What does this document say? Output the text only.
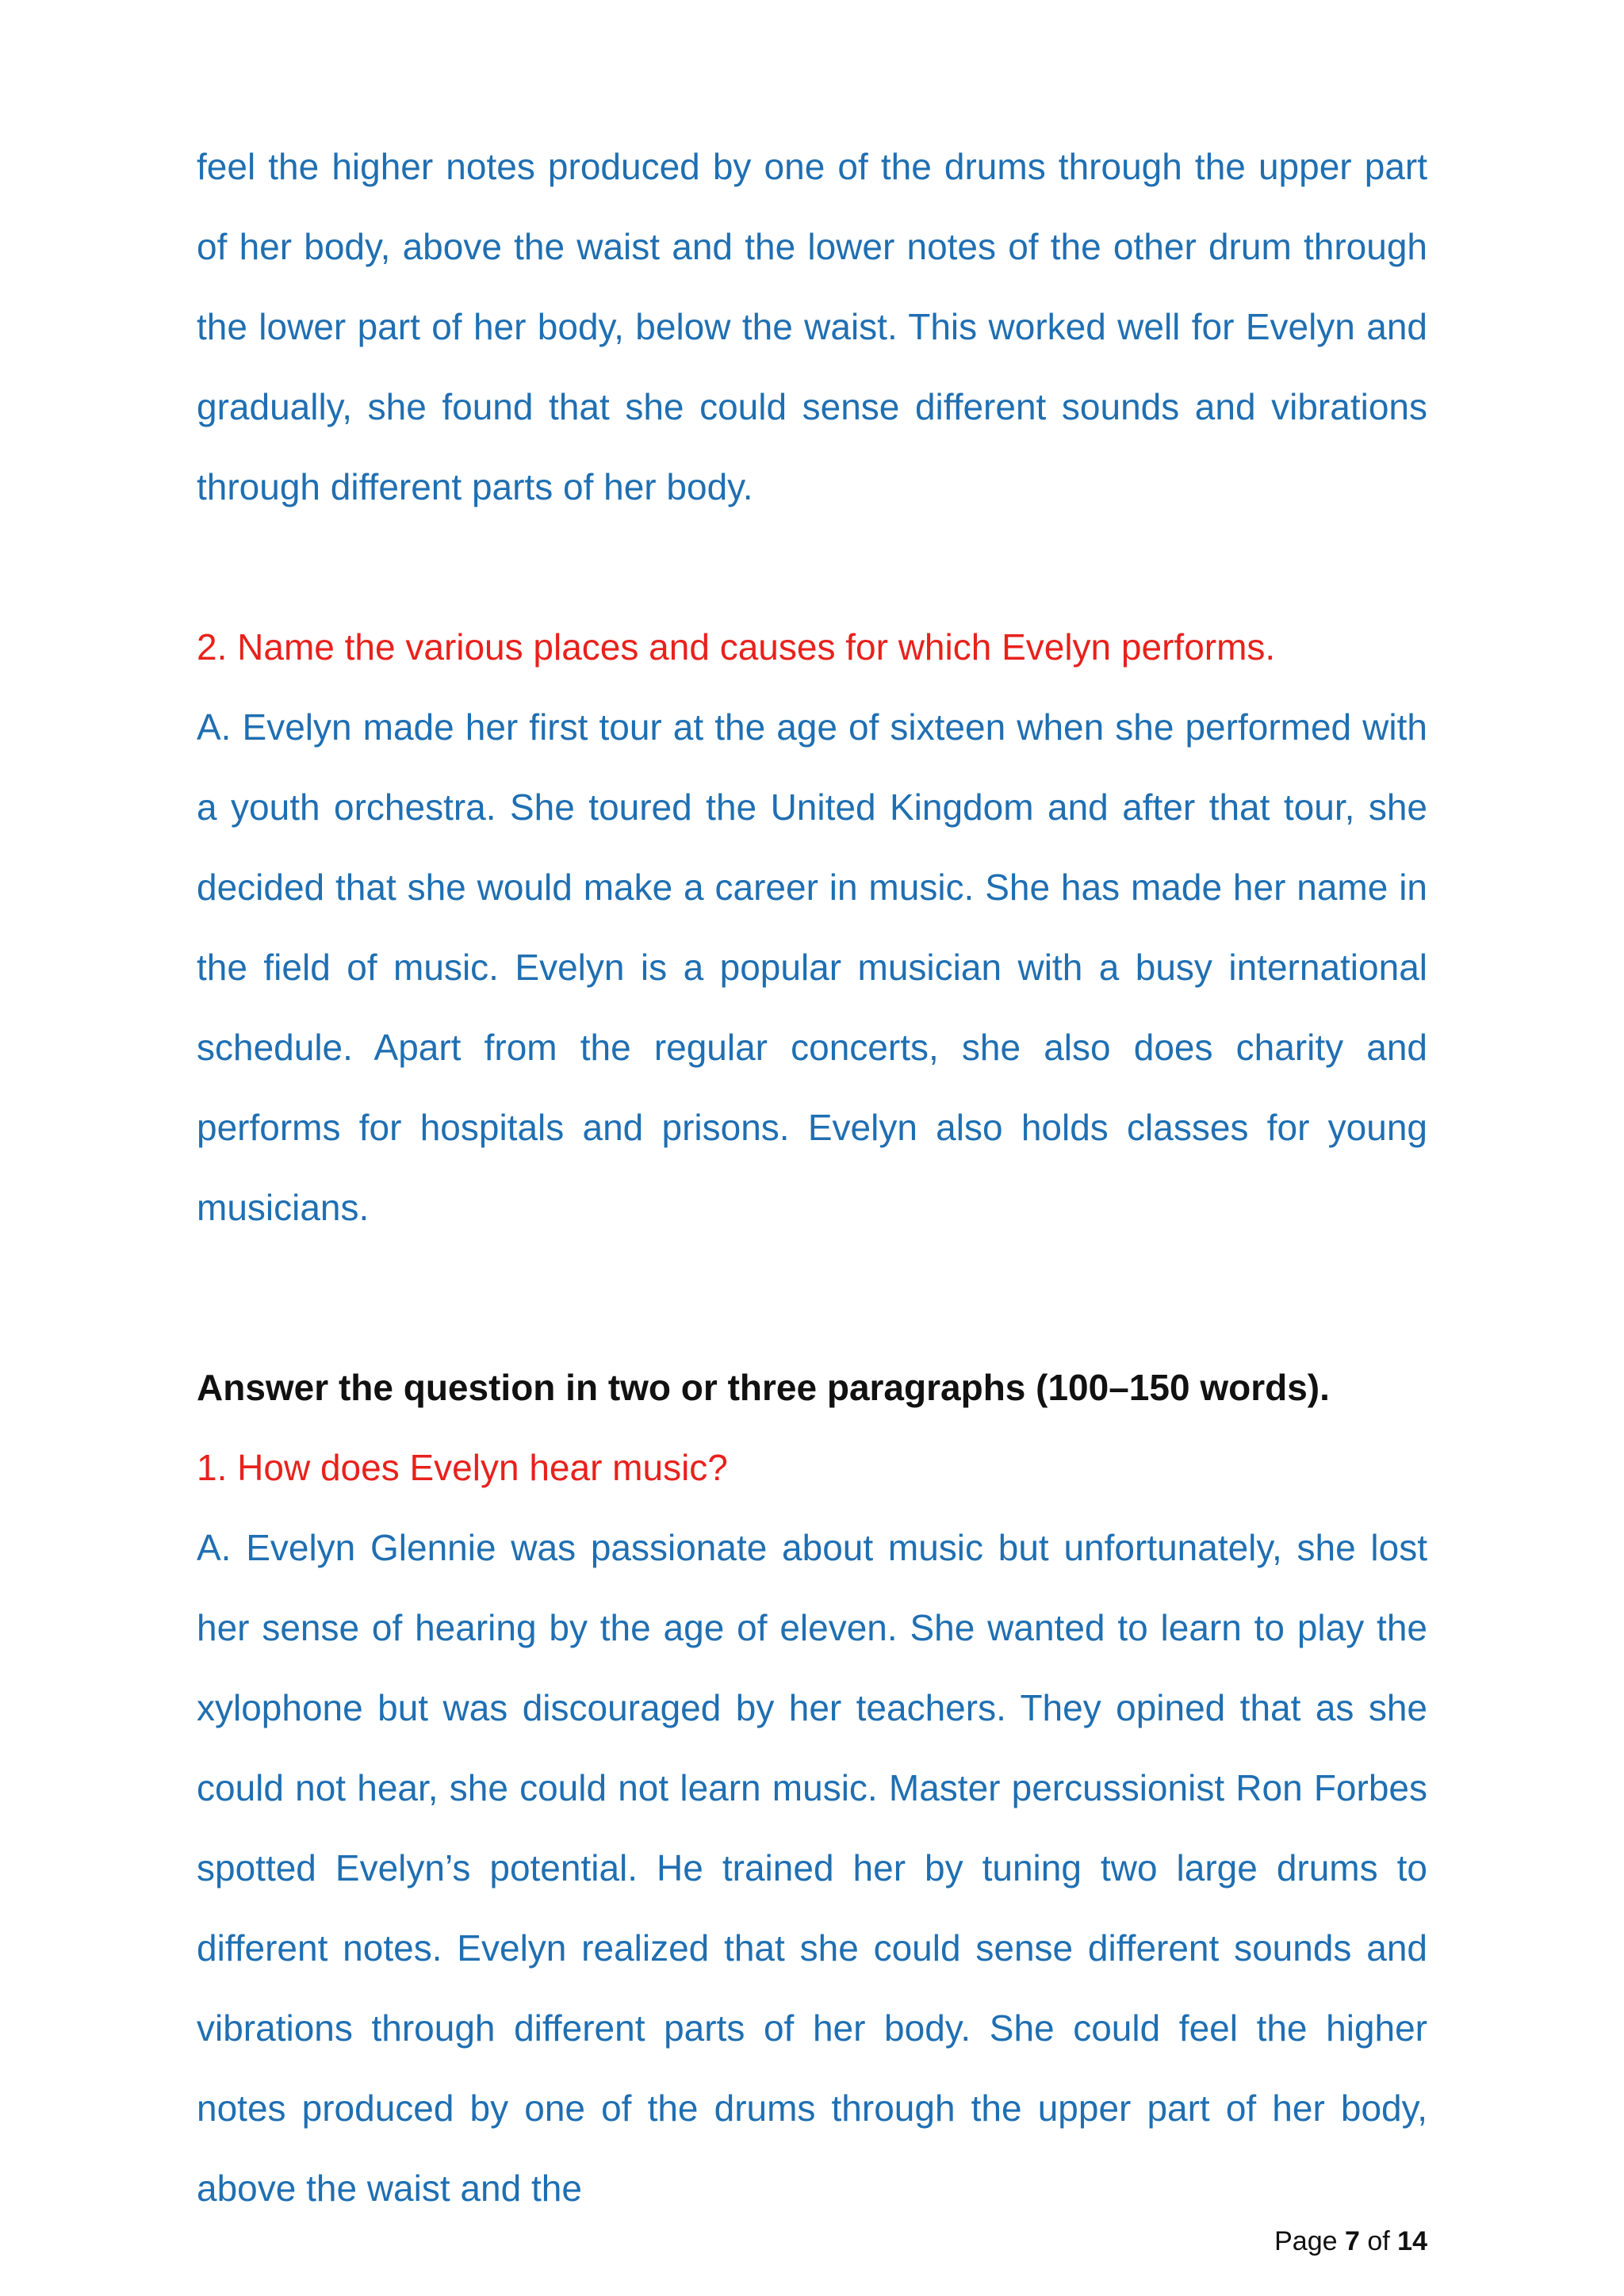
feel the higher notes produced by one of the drums through the upper part of her body, above the waist and the lower notes of the other drum through the lower part of her body, below the waist. This worked well for Evelyn and gradually, she found that she could sense different sounds and vibrations through different parts of her body.

2. Name the various places and causes for which Evelyn performs.

A. Evelyn made her first tour at the age of sixteen when she performed with a youth orchestra. She toured the United Kingdom and after that tour, she decided that she would make a career in music. She has made her name in the field of music. Evelyn is a popular musician with a busy international schedule. Apart from the regular concerts, she also does charity and performs for hospitals and prisons. Evelyn also holds classes for young musicians.

Answer the question in two or three paragraphs (100–150 words).

1. How does Evelyn hear music?

A. Evelyn Glennie was passionate about music but unfortunately, she lost her sense of hearing by the age of eleven. She wanted to learn to play the xylophone but was discouraged by her teachers. They opined that as she could not hear, she could not learn music. Master percussionist Ron Forbes spotted Evelyn’s potential. He trained her by tuning two large drums to different notes. Evelyn realized that she could sense different sounds and vibrations through different parts of her body. She could feel the higher notes produced by one of the drums through the upper part of her body, above the waist and the

Page 7 of 14
